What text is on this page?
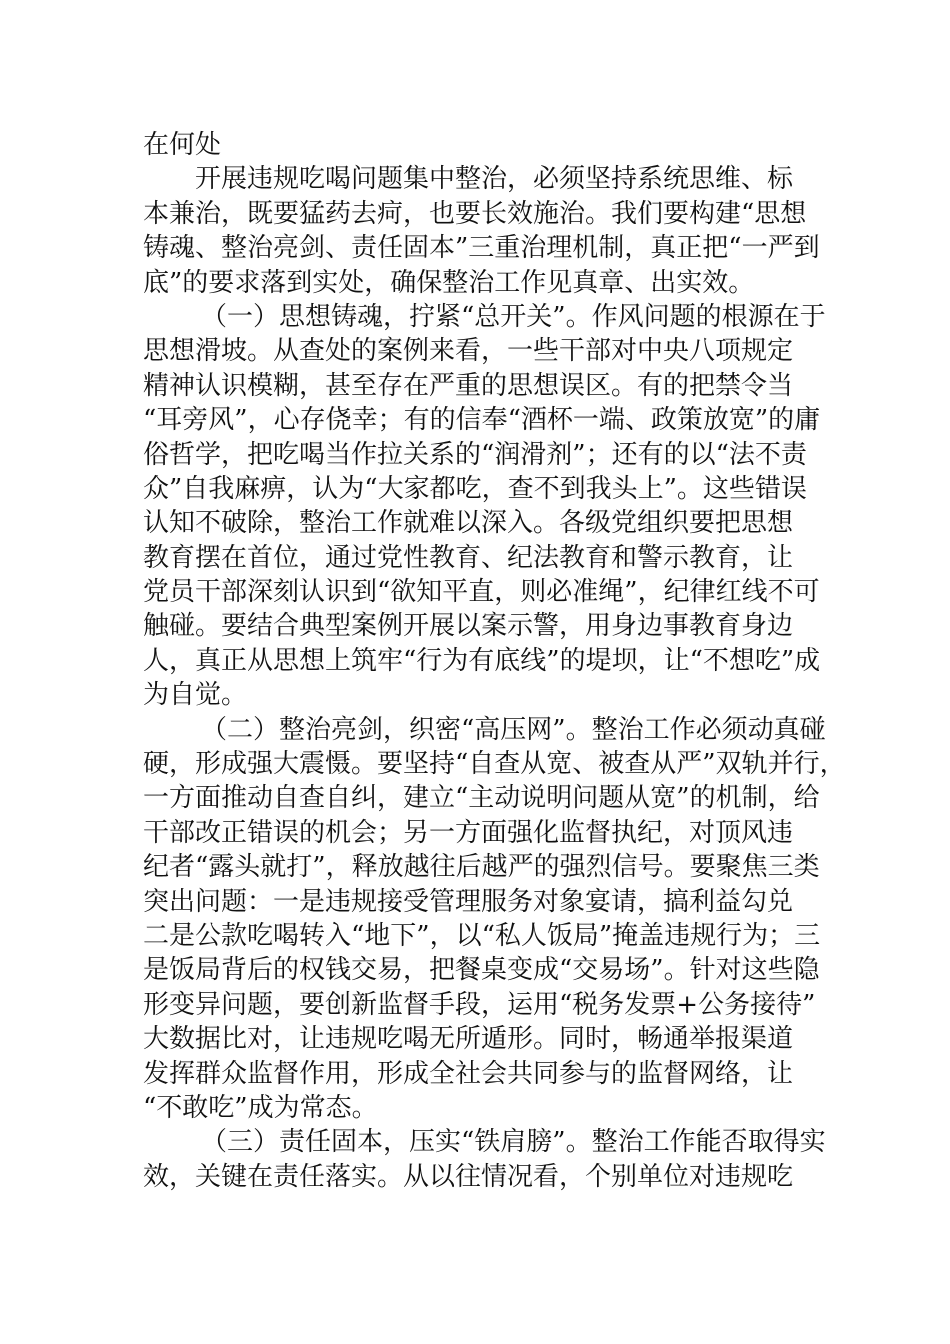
在何处
开展违规吃喝问题集中整治，必须坚持系统思维、标
本兼治，既要猛药去疴，也要长效施治。我们要构建“思想
铸魂、整治亮剑、责任固本”三重治理机制，真正把“一严到
底”的要求落到实处，确保整治工作见真章、出实效。
（一）思想铸魂，拧紧“总开关”。作风问题的根源在于
思想滑坡。从查处的案例来看，一些干部对中央八项规定
精神认识模糊，甚至存在严重的思想误区。有的把禁令当
“耳旁风”，心存侥幸；有的信奉“酒杯一端、政策放宽”的庸
俗哲学，把吃喝当作拉关系的“润滑剂”；还有的以“法不责
众”自我麻痹，认为“大家都吃，查不到我头上”。这些错误
认知不破除，整治工作就难以深入。各级党组织要把思想
教育摆在首位，通过党性教育、纪法教育和警示教育，让
党员干部深刻认识到“欲知平直，则必准绳”，纪律红线不可
触碰。要结合典型案例开展以案示警，用身边事教育身边
人，真正从思想上筑牢“行为有底线”的堤坝，让“不想吃”成
为自觉。
（二）整治亮剑，织密“高压网”。整治工作必须动真碰
硬，形成强大震慑。要坚持“自查从宽、被查从严”双轨并行，
一方面推动自查自纠，建立“主动说明问题从宽”的机制，给
干部改正错误的机会；另一方面强化监督执纪，对顶风违
纪者“露头就打”，释放越往后越严的强烈信号。要聚焦三类
突出问题：一是违规接受管理服务对象宴请，搞利益勾兑
二是公款吃喝转入“地下”，以“私人饭局”掩盖违规行为；三
是饭局背后的权钱交易，把餐桌变成“交易场”。针对这些隐
形变异问题，要创新监督手段，运用“税务发票+公务接待”
大数据比对，让违规吃喝无所遁形。同时，畅通举报渠道
发挥群众监督作用，形成全社会共同参与的监督网络，让
“不敢吃”成为常态。
（三）责任固本，压实“铁肩膀”。整治工作能否取得实
效，关键在责任落实。从以往情况看，个别单位对违规吃
